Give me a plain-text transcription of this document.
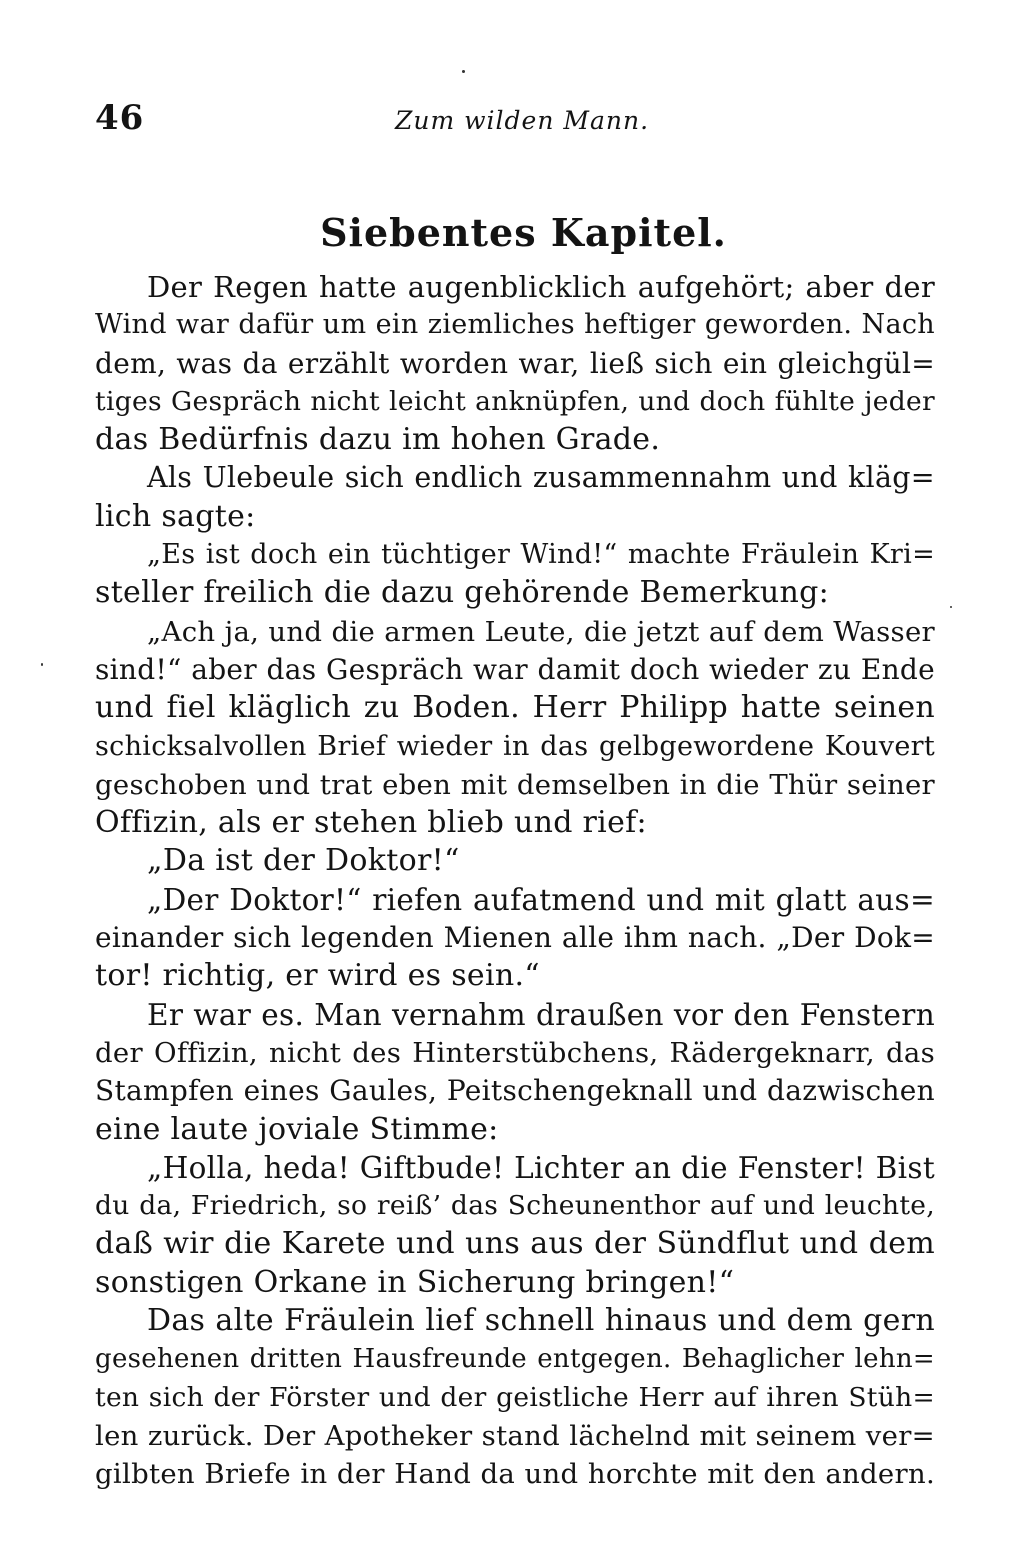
46	Zum wilden Mann.
Siebentes Kapitel.
Der Regen hatte augenblicklich aufgehört; aber der
Wind war dafür um ein ziemliches heftiger geworden. Nach
dem, was da erzählt worden war, ließ sich ein gleichgül=
tiges Gespräch nicht leicht anknüpfen, und doch fühlte jeder
das Bedürfnis dazu im hohen Grade.
Als Ulebeule sich endlich zusammennahm und kläg=
lich sagte:
„Es ist doch ein tüchtiger Wind!“ machte Fräulein Kri=
steller freilich die dazu gehörende Bemerkung:
„Ach ja, und die armen Leute, die jetzt auf dem Wasser
sind!“ aber das Gespräch war damit doch wieder zu Ende
und fiel kläglich zu Boden. Herr Philipp hatte seinen
schicksalvollen Brief wieder in das gelbgewordene Kouvert
geschoben und trat eben mit demselben in die Thür seiner
Offizin, als er stehen blieb und rief:
„Da ist der Doktor!“
„Der Doktor!“ riefen aufatmend und mit glatt aus=
einander sich legenden Mienen alle ihm nach. „Der Dok=
tor! richtig, er wird es sein.“
Er war es. Man vernahm draußen vor den Fenstern
der Offizin, nicht des Hinterstübchens, Rädergeknarr, das
Stampfen eines Gaules, Peitschengeknall und dazwischen
eine laute joviale Stimme:
„Holla, heda! Giftbude! Lichter an die Fenster! Bist
du da, Friedrich, so reiß’ das Scheunenthor auf und leuchte,
daß wir die Karete und uns aus der Sündflut und dem
sonstigen Orkane in Sicherung bringen!“
Das alte Fräulein lief schnell hinaus und dem gern
gesehenen dritten Hausfreunde entgegen. Behaglicher lehn=
ten sich der Förster und der geistliche Herr auf ihren Stüh=
len zurück. Der Apotheker stand lächelnd mit seinem ver=
gilbten Briefe in der Hand da und horchte mit den andern.
